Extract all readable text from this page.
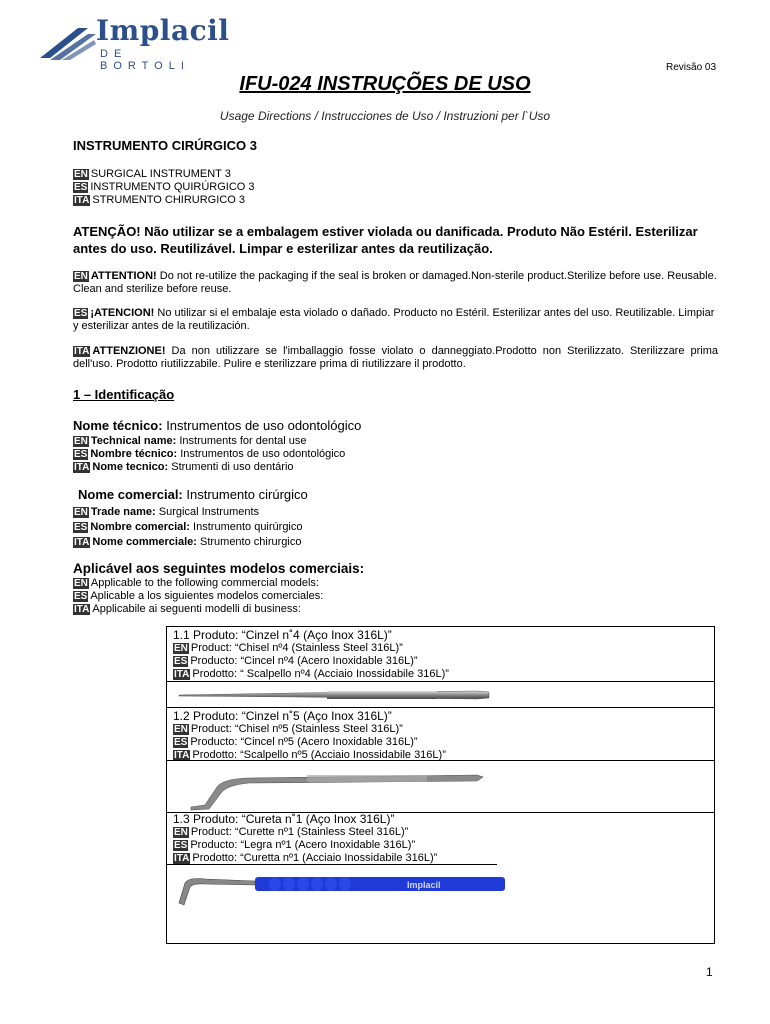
Implacil
DE BORTOLI	Revisão 03
IFU-024 INSTRUÇÕES DE USO
Usage Directions / Instrucciones de Uso / Instruzioni per l`Uso
INSTRUMENTO CIRÚRGICO 3
EN SURGICAL INSTRUMENT 3
ES INSTRUMENTO QUIRÚRGICO 3
ITA STRUMENTO CHIRURGICO 3
ATENÇÃO! Não utilizar se a embalagem estiver violada ou danificada. Produto Não Estéril. Esterilizar antes do uso. Reutilizável. Limpar e esterilizar antes da reutilização.
EN ATTENTION! Do not re-utilize the packaging if the seal is broken or damaged.Non-sterile product.Sterilize before use. Reusable. Clean and sterilize before reuse.
ES ¡ATENCION! No utilizar si el embalaje esta violado o dañado. Producto no Estéril. Esterilizar antes del uso. Reutilizable. Limpiar y esterilizar antes de la reutilización.
ITA ATTENZIONE! Da non utilizzare se l'imballaggio fosse violato o danneggiato.Prodotto non Sterilizzato. Sterilizzare prima dell'uso. Prodotto riutilizzabile. Pulire e sterilizzare prima di riutilizzare il prodotto.
1 – Identificação
Nome técnico: Instrumentos de uso odontológico
EN Technical name: Instruments for dental use
ES Nombre técnico: Instrumentos de uso odontológico
ITA Nome tecnico: Strumenti di uso dentário
Nome comercial: Instrumento cirúrgico
EN Trade name: Surgical Instruments
ES Nombre comercial: Instrumento quirúrgico
ITA Nome commerciale: Strumento chirurgico
Aplicável aos seguintes modelos comerciais:
EN Applicable to the following commercial models:
ES Aplicable a los siguientes modelos comerciales:
ITA Applicabile ai seguenti modelli di business:
1.1 Produto: “Cinzel n˚4 (Aço Inox 316L)”
EN Product: “Chisel nº4 (Stainless Steel 316L)”
ES Producto: “Cincel nº4 (Acero Inoxidable 316L)”
ITA Prodotto: “ Scalpello nº4 (Acciaio Inossidabile 316L)”
1.2 Produto: “Cinzel n˚5 (Aço Inox 316L)”
EN Product: “Chisel nº5 (Stainless Steel 316L)”
ES Producto: “Cincel nº5 (Acero Inoxidable 316L)”
ITA Prodotto: “Scalpello nº5 (Acciaio Inossidabile 316L)”
1.3 Produto: “Cureta n˚1 (Aço Inox 316L)”
EN Product: “Curette nº1 (Stainless Steel 316L)”
ES Producto: “Legra nº1 (Acero Inoxidable 316L)”
ITA Prodotto: “Curetta nº1 (Acciaio Inossidabile 316L)”
Implacil
1
